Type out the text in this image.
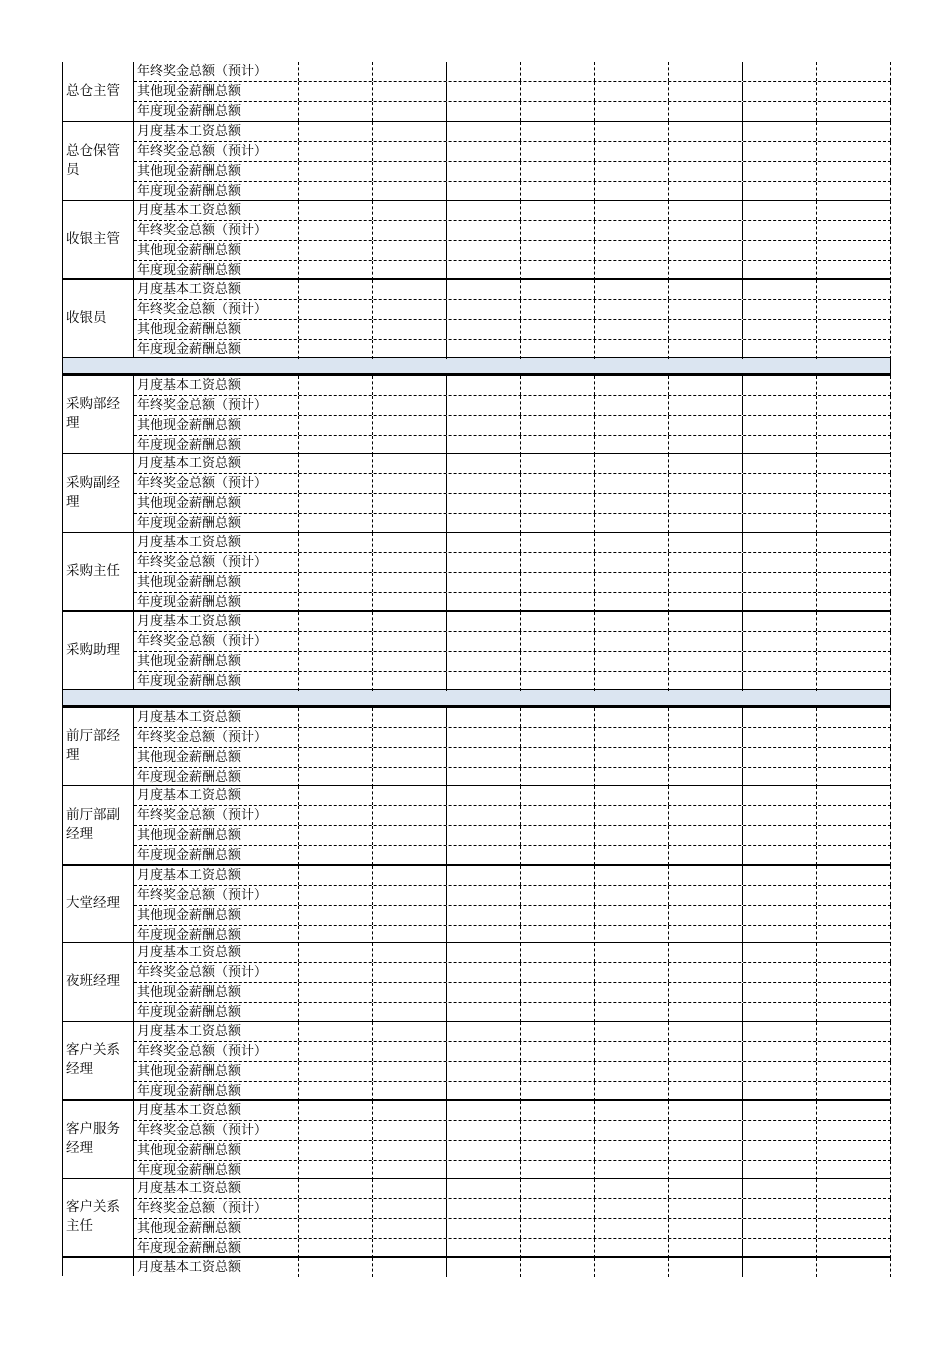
总仓主管
年终奖金总额（预计）
其他现金薪酬总额
年度现金薪酬总额
总仓保管
员
月度基本工资总额
年终奖金总额（预计）
其他现金薪酬总额
年度现金薪酬总额
收银主管
月度基本工资总额
年终奖金总额（预计）
其他现金薪酬总额
年度现金薪酬总额
收银员
月度基本工资总额
年终奖金总额（预计）
其他现金薪酬总额
年度现金薪酬总额
采购部经
理
月度基本工资总额
年终奖金总额（预计）
其他现金薪酬总额
年度现金薪酬总额
采购副经
理
月度基本工资总额
年终奖金总额（预计）
其他现金薪酬总额
年度现金薪酬总额
采购主任
月度基本工资总额
年终奖金总额（预计）
其他现金薪酬总额
年度现金薪酬总额
采购助理
月度基本工资总额
年终奖金总额（预计）
其他现金薪酬总额
年度现金薪酬总额
前厅部经
理
月度基本工资总额
年终奖金总额（预计）
其他现金薪酬总额
年度现金薪酬总额
前厅部副
经理
月度基本工资总额
年终奖金总额（预计）
其他现金薪酬总额
年度现金薪酬总额
大堂经理
月度基本工资总额
年终奖金总额（预计）
其他现金薪酬总额
年度现金薪酬总额
夜班经理
月度基本工资总额
年终奖金总额（预计）
其他现金薪酬总额
年度现金薪酬总额
客户关系
经理
月度基本工资总额
年终奖金总额（预计）
其他现金薪酬总额
年度现金薪酬总额
客户服务
经理
月度基本工资总额
年终奖金总额（预计）
其他现金薪酬总额
年度现金薪酬总额
客户关系
主任
月度基本工资总额
年终奖金总额（预计）
其他现金薪酬总额
年度现金薪酬总额
月度基本工资总额
